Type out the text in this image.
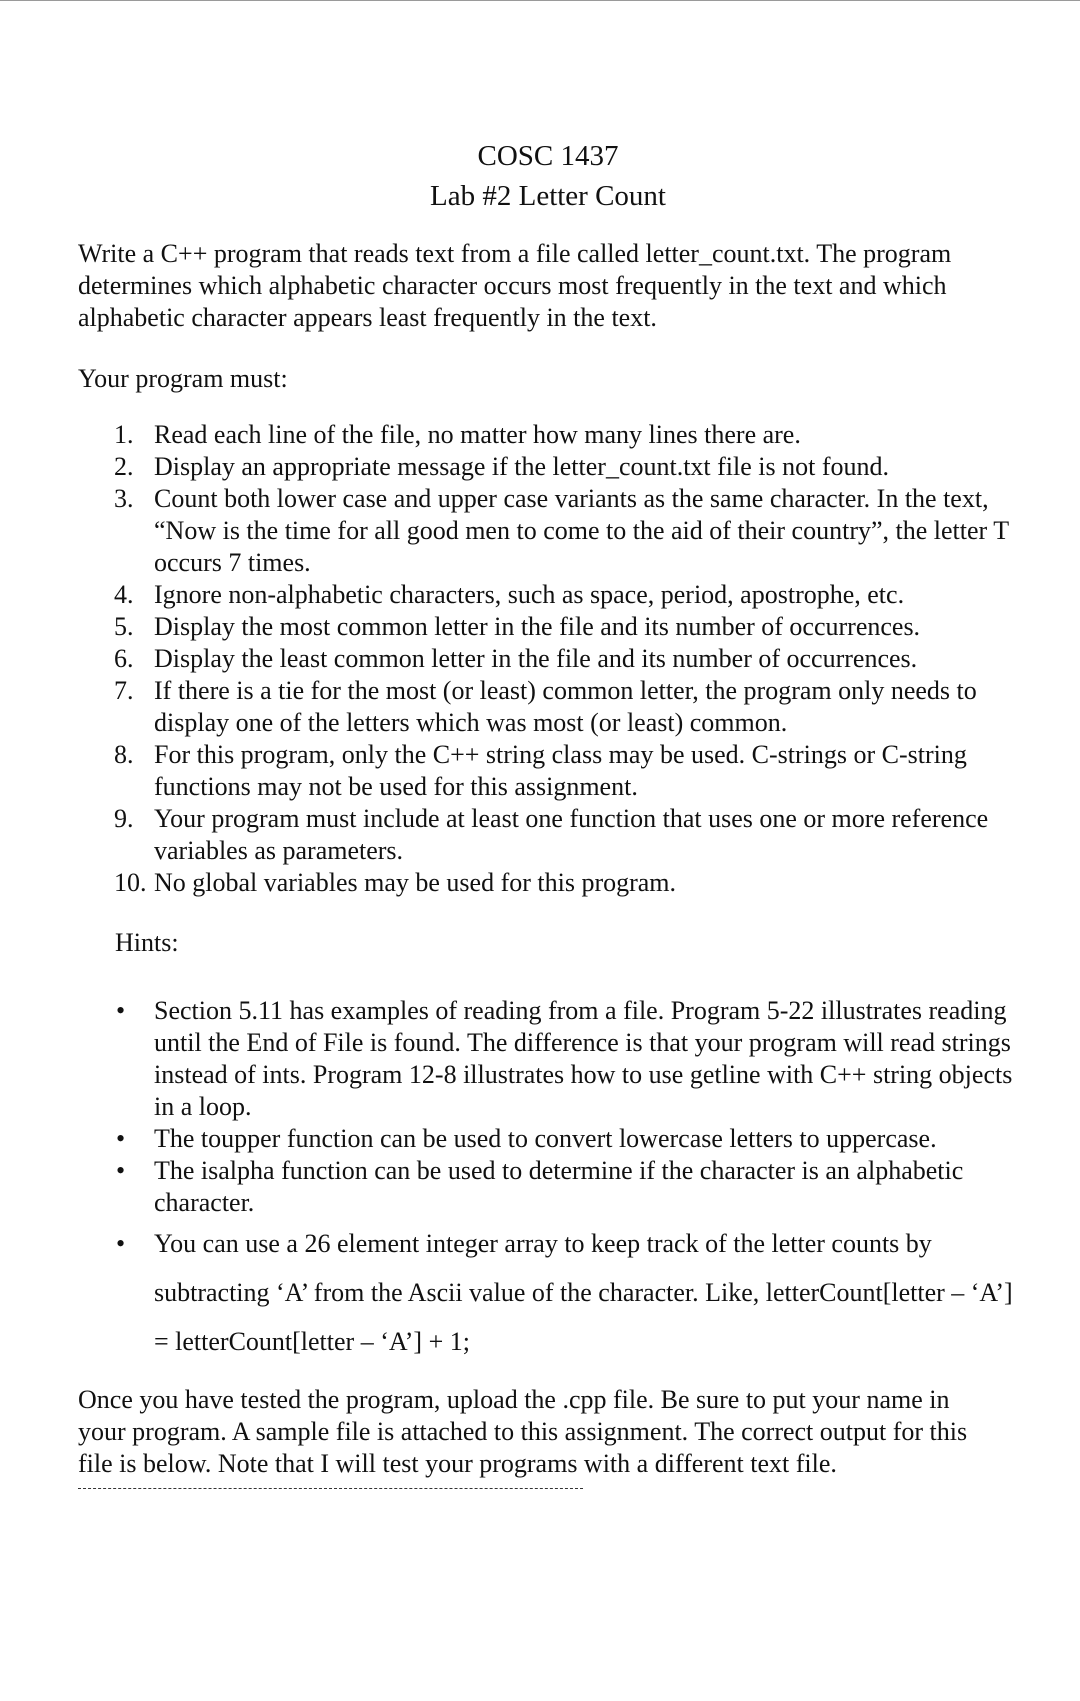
COSC 1437
Lab #2 Letter Count
Write a C++ program that reads text from a file called letter_count.txt. The program determines which alphabetic character occurs most frequently in the text and which alphabetic character appears least frequently in the text.
Your program must:
1. Read each line of the file, no matter how many lines there are.
2. Display an appropriate message if the letter_count.txt file is not found.
3. Count both lower case and upper case variants as the same character. In the text, “Now is the time for all good men to come to the aid of their country”, the letter T occurs 7 times.
4. Ignore non-alphabetic characters, such as space, period, apostrophe, etc.
5. Display the most common letter in the file and its number of occurrences.
6. Display the least common letter in the file and its number of occurrences.
7. If there is a tie for the most (or least) common letter, the program only needs to display one of the letters which was most (or least) common.
8. For this program, only the C++ string class may be used. C-strings or C-string functions may not be used for this assignment.
9. Your program must include at least one function that uses one or more reference variables as parameters.
10. No global variables may be used for this program.
Hints:
• Section 5.11 has examples of reading from a file. Program 5-22 illustrates reading until the End of File is found. The difference is that your program will read strings instead of ints. Program 12-8 illustrates how to use getline with C++ string objects in a loop.
• The toupper function can be used to convert lowercase letters to uppercase.
• The isalpha function can be used to determine if the character is an alphabetic character.
• You can use a 26 element integer array to keep track of the letter counts by subtracting ‘A’ from the Ascii value of the character. Like, letterCount[letter – ‘A’] = letterCount[letter – ‘A’] + 1;
Once you have tested the program, upload the .cpp file. Be sure to put your name in your program. A sample file is attached to this assignment. The correct output for this file is below. Note that I will test your programs with a different text file.
